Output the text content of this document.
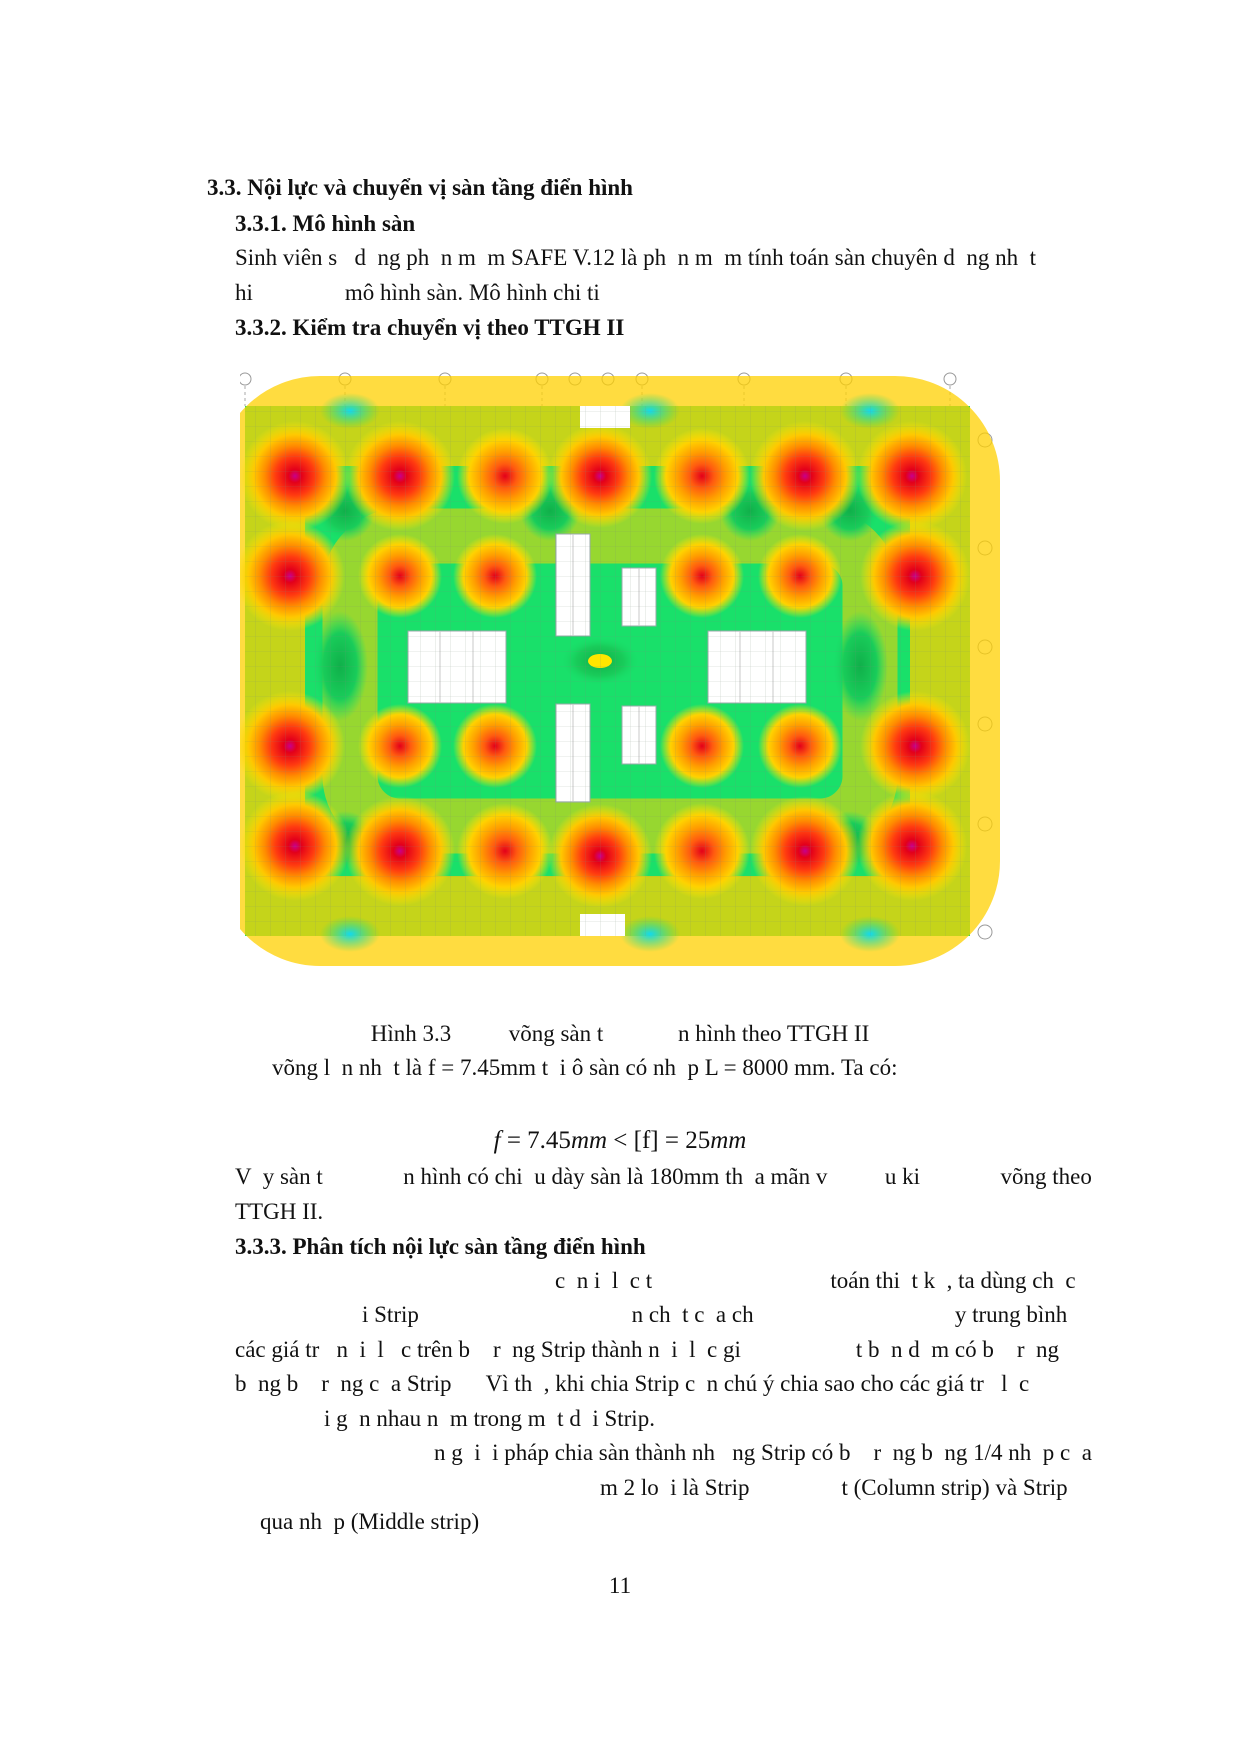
3.3. Nội lực và chuyển vị sàn tầng điển hình
3.3.1. Mô hình sàn
Sinh viên s   d  ng ph  n m  m SAFE V.12 là ph  n m  m tính toán sàn chuyên d  ng nh  t
hi                mô hình sàn. Mô hình chi ti
3.3.2. Kiểm tra chuyển vị theo TTGH II
Hình 3.3          võng sàn t             n hình theo TTGH II
võng l  n nh  t là f = 7.45mm t  i ô sàn có nh  p L = 8000 mm. Ta có:
f = 7.45mm < [f] = 25mm
V  y sàn t              n hình có chi  u dày sàn là 180mm th  a mãn v          u ki              võng theo
TTGH II.
3.3.3. Phân tích nội lực sàn tầng điển hình
c  n i  l  c t                               toán thi  t k  , ta dùng ch  c
i Strip                                     n ch  t c  a ch                                   y trung bình
các giá tr   n  i  l   c trên b    r  ng Strip thành n  i  l  c gi                    t b  n d  m có b    r  ng
b  ng b    r  ng c  a Strip      Vì th  , khi chia Strip c  n chú ý chia sao cho các giá tr   l  c
i g  n nhau n  m trong m  t d  i Strip.
n g  i  i pháp chia sàn thành nh   ng Strip có b    r  ng b  ng 1/4 nh  p c  a
m 2 lo  i là Strip                t (Column strip) và Strip
qua nh  p (Middle strip)
11
